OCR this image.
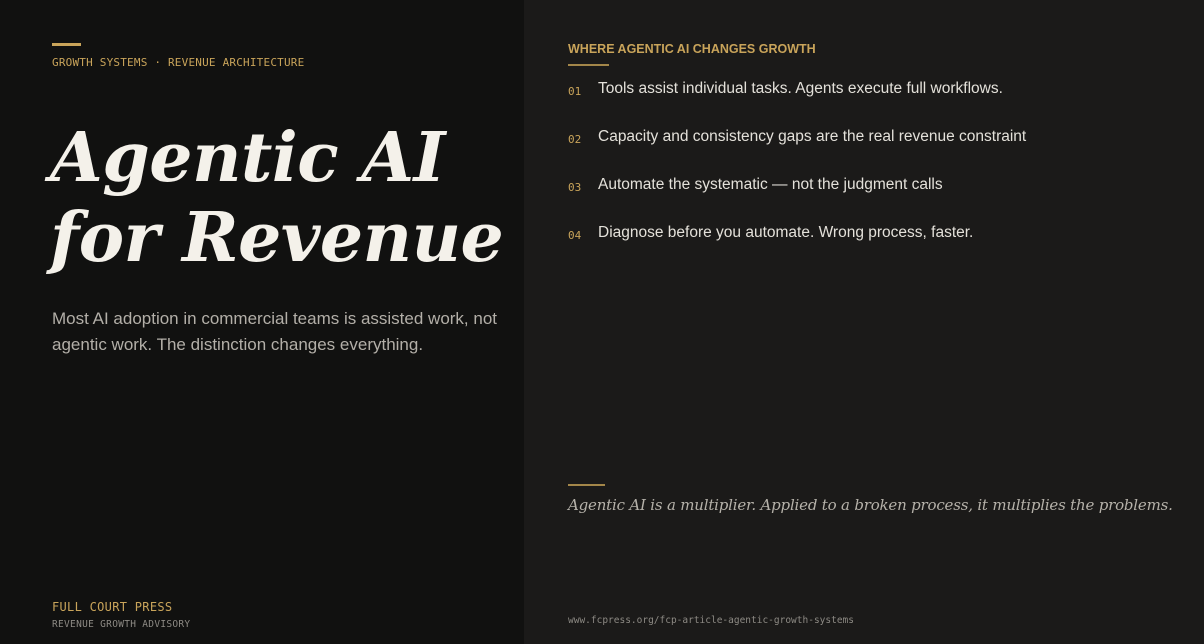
GROWTH SYSTEMS · REVENUE ARCHITECTURE
Agentic AI
for Revenue

Most AI adoption in commercial teams is assisted work, not agentic work. The distinction changes everything.

FULL COURT PRESS
REVENUE GROWTH ADVISORY
WHERE AGENTIC AI CHANGES GROWTH
01 Tools assist individual tasks. Agents execute full workflows.
02 Capacity and consistency gaps are the real revenue constraint
03 Automate the systematic — not the judgment calls
04 Diagnose before you automate. Wrong process, faster.

Agentic AI is a multiplier. Applied to a broken process, it multiplies the problems.

www.fcpress.org/fcp-article-agentic-growth-systems
